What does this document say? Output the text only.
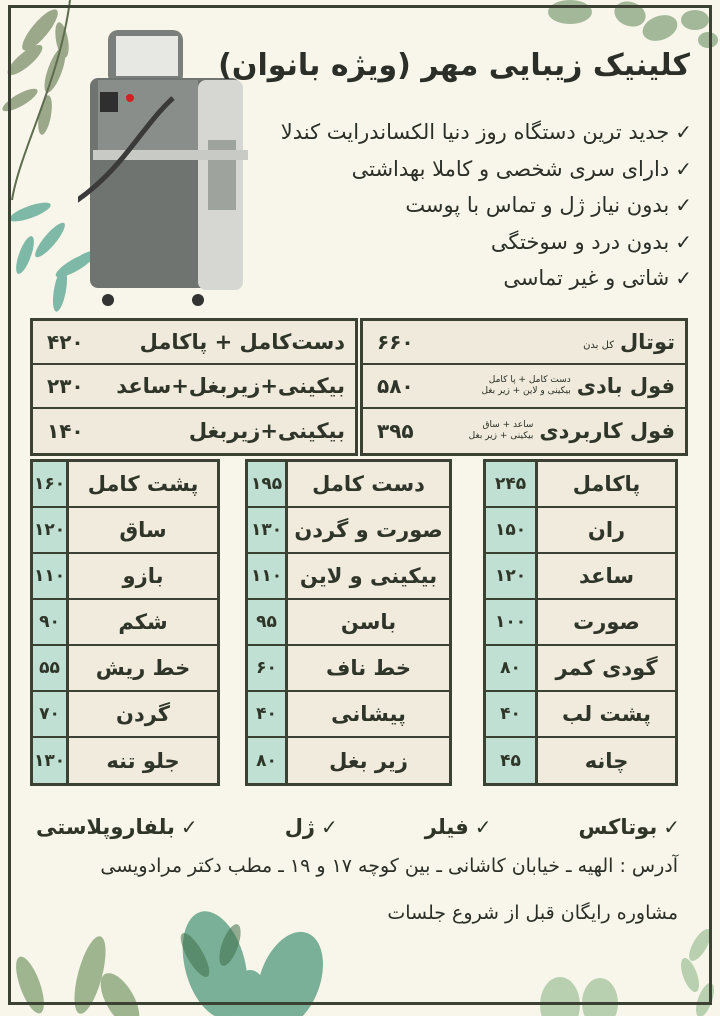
کلینیک زیبایی مهر (ویژه بانوان)
✓جدید ترین دستگاه روز دنیا الکساندرایت کندلا
✓دارای سری شخصی و کاملا بهداشتی
✓بدون نیاز ژل و تماس با پوست
✓بدون درد و سوختگی
✓شاتی و غیر تماسی
توتال
کل بدن
۶۶۰
فول بادی
دست کامل + پا کامل
بیکینی و لاین + زیر بغل
۵۸۰
فول کاربردی
ساعد + ساق
بیکینی + زیر بغل
۳۹۵
دست‌کامل + پاکامل
۴۲۰
بیکینی+زیربغل+ساعد
۲۳۰
بیکینی+زیربغل
۱۴۰
پاکامل
۲۴۵
ران
۱۵۰
ساعد
۱۲۰
صورت
۱۰۰
گودی کمر
۸۰
پشت لب
۴۰
چانه
۴۵
دست کامل
۱۹۵
صورت و گردن
۱۳۰
بیکینی و لاین
۱۱۰
باسن
۹۵
خط ناف
۶۰
پیشانی
۴۰
زیر بغل
۸۰
پشت کامل
۱۶۰
ساق
۱۲۰
بازو
۱۱۰
شکم
۹۰
خط ریش
۵۵
گردن
۷۰
جلو تنه
۱۳۰
✓بوتاکس
✓فیلر
✓ژل
✓بلفاروپلاستی
آدرس : الهیه ـ خیابان کاشانی ـ بین کوچه ۱۷ و ۱۹ ـ مطب دکتر مرادویسی
مشاوره رایگان قبل از شروع جلسات
